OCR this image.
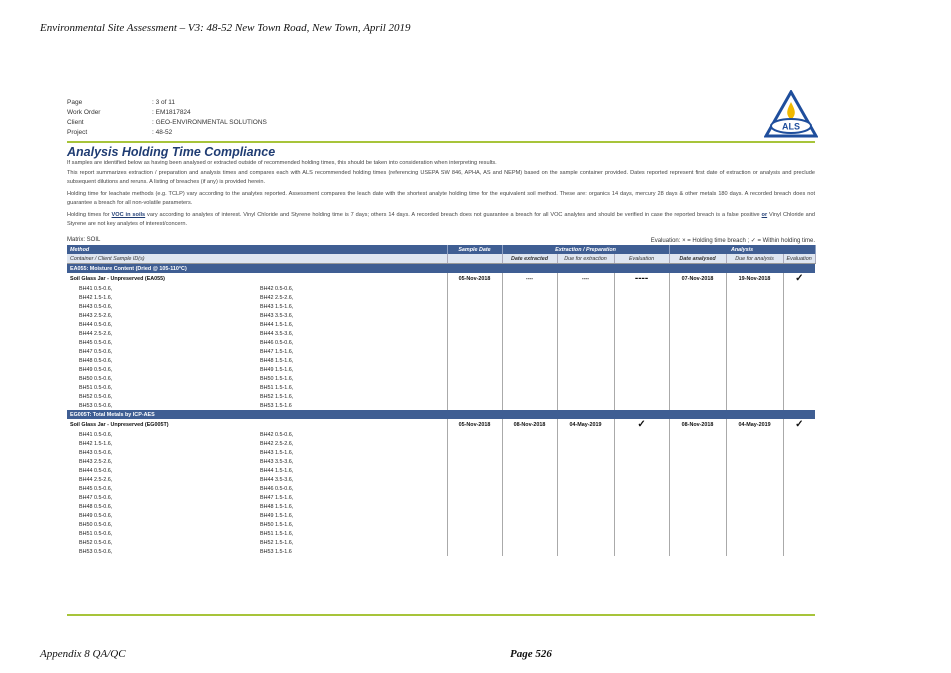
Environmental Site Assessment – V3: 48-52 New Town Road, New Town, April 2019
Page	: 3 of 11
Work Order	: EM1817824
Client	: GEO-ENVIRONMENTAL SOLUTIONS
Project	: 48-52
ALS
Analysis Holding Time Compliance
If samples are identified below as having been analysed or extracted outside of recommended holding times, this should be taken into consideration when interpreting results.
This report summarizes extraction / preparation and analysis times and compares each with ALS recommended holding times (referencing USEPA SW 846, APHA, AS and NEPM) based on the sample container provided. Dates reported represent first date of extraction or analysis and preclude subsequent dilutions and reruns. A listing of breaches (if any) is provided herein.
Holding time for leachate methods (e.g. TCLP) vary according to the analytes reported. Assessment compares the leach date with the shortest analyte holding time for the equivalent soil method. These are: organics 14 days, mercury 28 days & other metals 180 days. A recorded breach does not guarantee a breach for all non-volatile parameters.
Holding times for VOC in soils vary according to analytes of interest. Vinyl Chloride and Styrene holding time is 7 days; others 14 days. A recorded breach does not guarantee a breach for all VOC analytes and should be verified in case the reported breach is a false positive or Vinyl Chloride and Styrene are not key analytes of interest/concern.
Matrix: SOIL	Evaluation: × = Holding time breach ; ✓ = Within holding time.
Method		Sample Date	Extraction / Preparation			Analysis		
Container / Client Sample ID(s)			Date extracted	Due for extraction	Evaluation	Date analysed	Due for analysis	Evaluation
EA055: Moisture Content (Dried @ 105-110°C)								
Soil Glass Jar - Unpreserved (EA055)		05-Nov-2018	----	----	----	07-Nov-2018	19-Nov-2018	✓
BH41 0.5-0.6,	BH42 0.5-0.6,							
BH42 1.5-1.6,	BH42 2.5-2.6,							
BH43 0.5-0.6,	BH43 1.5-1.6,							
BH43 2.5-2.6,	BH43 3.5-3.6,							
BH44 0.5-0.6,	BH44 1.5-1.6,							
BH44 2.5-2.6,	BH44 3.5-3.6,							
BH45 0.5-0.6,	BH46 0.5-0.6,							
BH47 0.5-0.6,	BH47 1.5-1.6,							
BH48 0.5-0.6,	BH48 1.5-1.6,							
BH49 0.5-0.6,	BH49 1.5-1.6,							
BH50 0.5-0.6,	BH50 1.5-1.6,							
BH51 0.5-0.6,	BH51 1.5-1.6,							
BH52 0.5-0.6,	BH52 1.5-1.6,							
BH53 0.5-0.6,	BH53 1.5-1.6							
EG005T: Total Metals by ICP-AES								
Soil Glass Jar - Unpreserved (EG005T)		05-Nov-2018	08-Nov-2018	04-May-2019	✓	08-Nov-2018	04-May-2019	✓
BH41 0.5-0.6,	BH42 0.5-0.6,							
BH42 1.5-1.6,	BH42 2.5-2.6,							
BH43 0.5-0.6,	BH43 1.5-1.6,							
BH43 2.5-2.6,	BH43 3.5-3.6,							
BH44 0.5-0.6,	BH44 1.5-1.6,							
BH44 2.5-2.6,	BH44 3.5-3.6,							
BH45 0.5-0.6,	BH46 0.5-0.6,							
BH47 0.5-0.6,	BH47 1.5-1.6,							
BH48 0.5-0.6,	BH48 1.5-1.6,							
BH49 0.5-0.6,	BH49 1.5-1.6,							
BH50 0.5-0.6,	BH50 1.5-1.6,							
BH51 0.5-0.6,	BH51 1.5-1.6,							
BH52 0.5-0.6,	BH52 1.5-1.6,							
BH53 0.5-0.6,	BH53 1.5-1.6							
Appendix 8 QA/QC	Page 526
